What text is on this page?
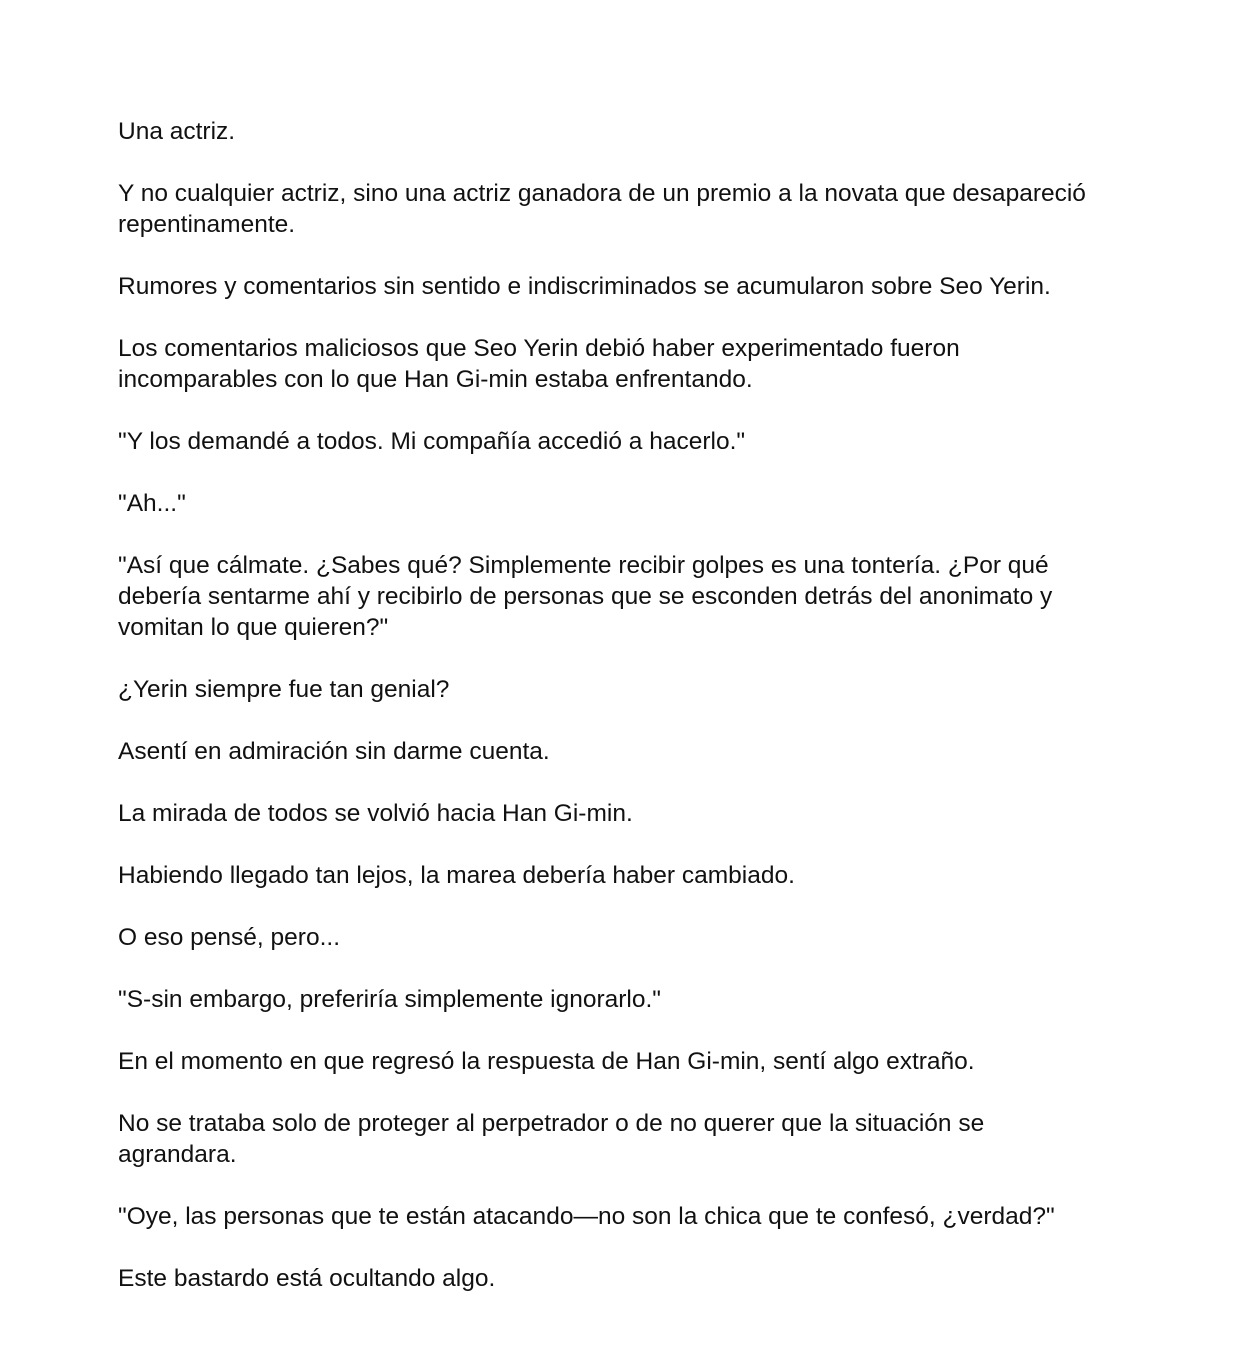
Una actriz.

Y no cualquier actriz, sino una actriz ganadora de un premio a la novata que desapareció repentinamente.

Rumores y comentarios sin sentido e indiscriminados se acumularon sobre Seo Yerin.

Los comentarios maliciosos que Seo Yerin debió haber experimentado fueron incomparables con lo que Han Gi-min estaba enfrentando.

"Y los demandé a todos. Mi compañía accedió a hacerlo."

"Ah..."

"Así que cálmate. ¿Sabes qué? Simplemente recibir golpes es una tontería. ¿Por qué debería sentarme ahí y recibirlo de personas que se esconden detrás del anonimato y vomitan lo que quieren?"

¿Yerin siempre fue tan genial?

Asentí en admiración sin darme cuenta.

La mirada de todos se volvió hacia Han Gi-min.

Habiendo llegado tan lejos, la marea debería haber cambiado.

O eso pensé, pero...

"S-sin embargo, preferiría simplemente ignorarlo."

En el momento en que regresó la respuesta de Han Gi-min, sentí algo extraño.

No se trataba solo de proteger al perpetrador o de no querer que la situación se agrandara.

"Oye, las personas que te están atacando—no son la chica que te confesó, ¿verdad?"

Este bastardo está ocultando algo.
